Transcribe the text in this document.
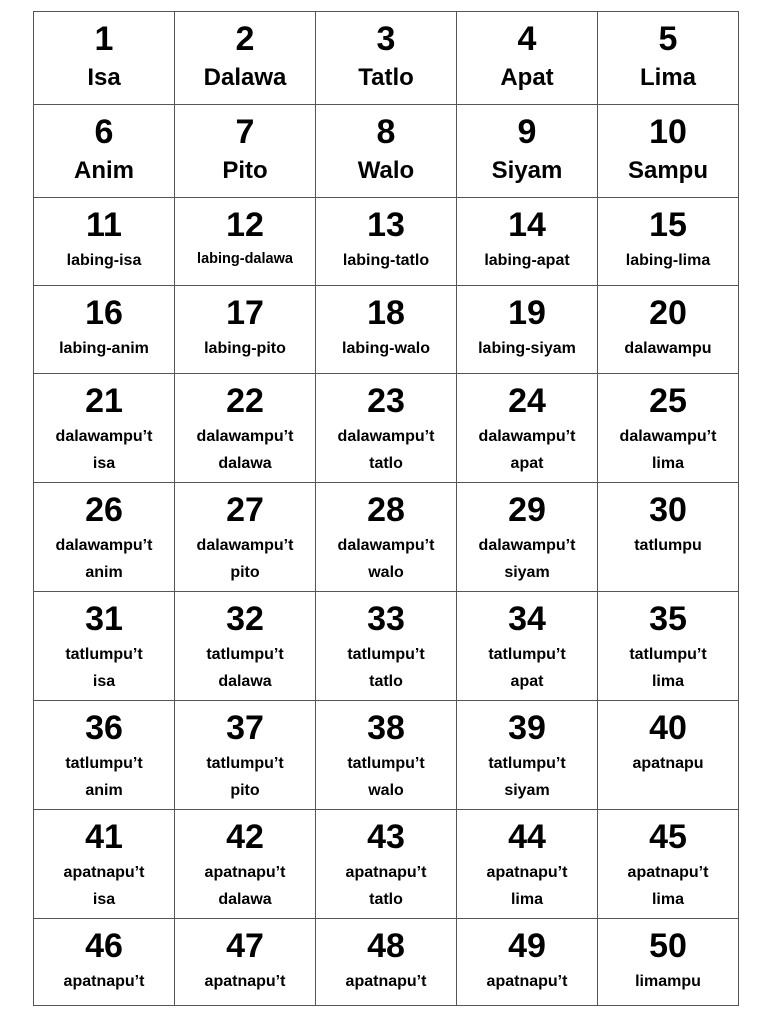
1
Isa	2
Dalawa	3
Tatlo	4
Apat	5
Lima

6
Anim	7
Pito	8
Walo	9
Siyam	10
Sampu

11
labing-isa	12
labing-dalawa	13
labing-tatlo	14
labing-apat	15
labing-lima

16
labing-anim	17
labing-pito	18
labing-walo	19
labing-siyam	20
dalawampu

21
dalawampu’t
isa	22
dalawampu’t
dalawa	23
dalawampu’t
tatlo	24
dalawampu’t
apat	25
dalawampu’t
lima

26
dalawampu’t
anim	27
dalawampu’t
pito	28
dalawampu’t
walo	29
dalawampu’t
siyam	30
tatlumpu

31
tatlumpu’t
isa	32
tatlumpu’t
dalawa	33
tatlumpu’t
tatlo	34
tatlumpu’t
apat	35
tatlumpu’t
lima

36
tatlumpu’t
anim	37
tatlumpu’t
pito	38
tatlumpu’t
walo	39
tatlumpu’t
siyam	40
apatnapu

41
apatnapu’t
isa	42
apatnapu’t
dalawa	43
apatnapu’t
tatlo	44
apatnapu’t
lima	45
apatnapu’t
lima

46
apatnapu’t	47
apatnapu’t	48
apatnapu’t	49
apatnapu’t	50
limampu
